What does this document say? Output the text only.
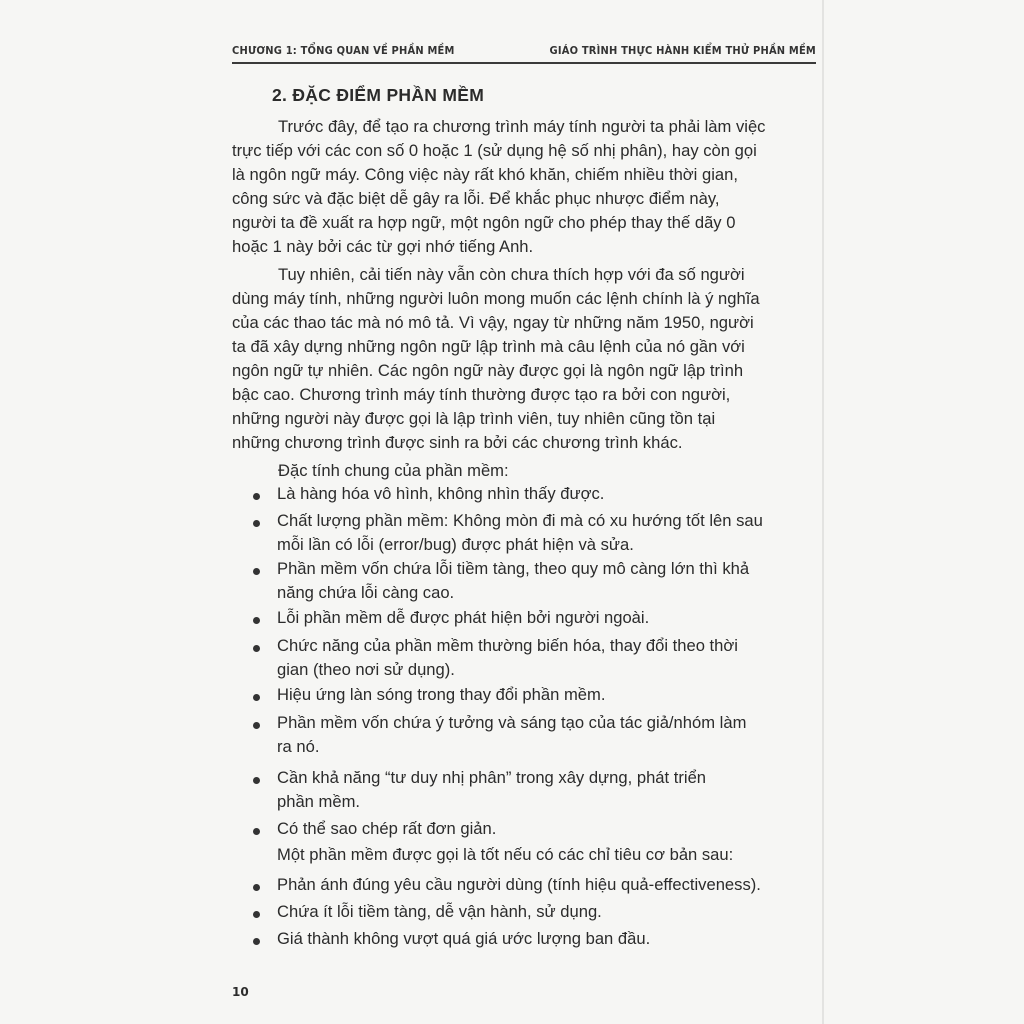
CHƯƠNG 1: TỔNG QUAN VỀ PHẦN MỀM	GIÁO TRÌNH THỰC HÀNH KIỂM THỬ PHẦN MỀM
2. ĐẶC ĐIỂM PHẦN MỀM
Trước đây, để tạo ra chương trình máy tính người ta phải làm việc
trực tiếp với các con số 0 hoặc 1 (sử dụng hệ số nhị phân), hay còn gọi
là ngôn ngữ máy. Công việc này rất khó khăn, chiếm nhiều thời gian,
công sức và đặc biệt dễ gây ra lỗi. Để khắc phục nhược điểm này,
người ta đề xuất ra hợp ngữ, một ngôn ngữ cho phép thay thế dãy 0
hoặc 1 này bởi các từ gợi nhớ tiếng Anh.
Tuy nhiên, cải tiến này vẫn còn chưa thích hợp với đa số người
dùng máy tính, những người luôn mong muốn các lệnh chính là ý nghĩa
của các thao tác mà nó mô tả. Vì vậy, ngay từ những năm 1950, người
ta đã xây dựng những ngôn ngữ lập trình mà câu lệnh của nó gần với
ngôn ngữ tự nhiên. Các ngôn ngữ này được gọi là ngôn ngữ lập trình
bậc cao. Chương trình máy tính thường được tạo ra bởi con người,
những người này được gọi là lập trình viên, tuy nhiên cũng tồn tại
những chương trình được sinh ra bởi các chương trình khác.
Đặc tính chung của phần mềm:
Là hàng hóa vô hình, không nhìn thấy được.
Chất lượng phần mềm: Không mòn đi mà có xu hướng tốt lên sau
mỗi lần có lỗi (error/bug) được phát hiện và sửa.
Phần mềm vốn chứa lỗi tiềm tàng, theo quy mô càng lớn thì khả
năng chứa lỗi càng cao.
Lỗi phần mềm dễ được phát hiện bởi người ngoài.
Chức năng của phần mềm thường biến hóa, thay đổi theo thời
gian (theo nơi sử dụng).
Hiệu ứng làn sóng trong thay đổi phần mềm.
Phần mềm vốn chứa ý tưởng và sáng tạo của tác giả/nhóm làm
ra nó.
Cần khả năng “tư duy nhị phân” trong xây dựng, phát triển
phần mềm.
Có thể sao chép rất đơn giản.
Một phần mềm được gọi là tốt nếu có các chỉ tiêu cơ bản sau:
Phản ánh đúng yêu cầu người dùng (tính hiệu quả-effectiveness).
Chứa ít lỗi tiềm tàng, dễ vận hành, sử dụng.
Giá thành không vượt quá giá ước lượng ban đầu.
10
